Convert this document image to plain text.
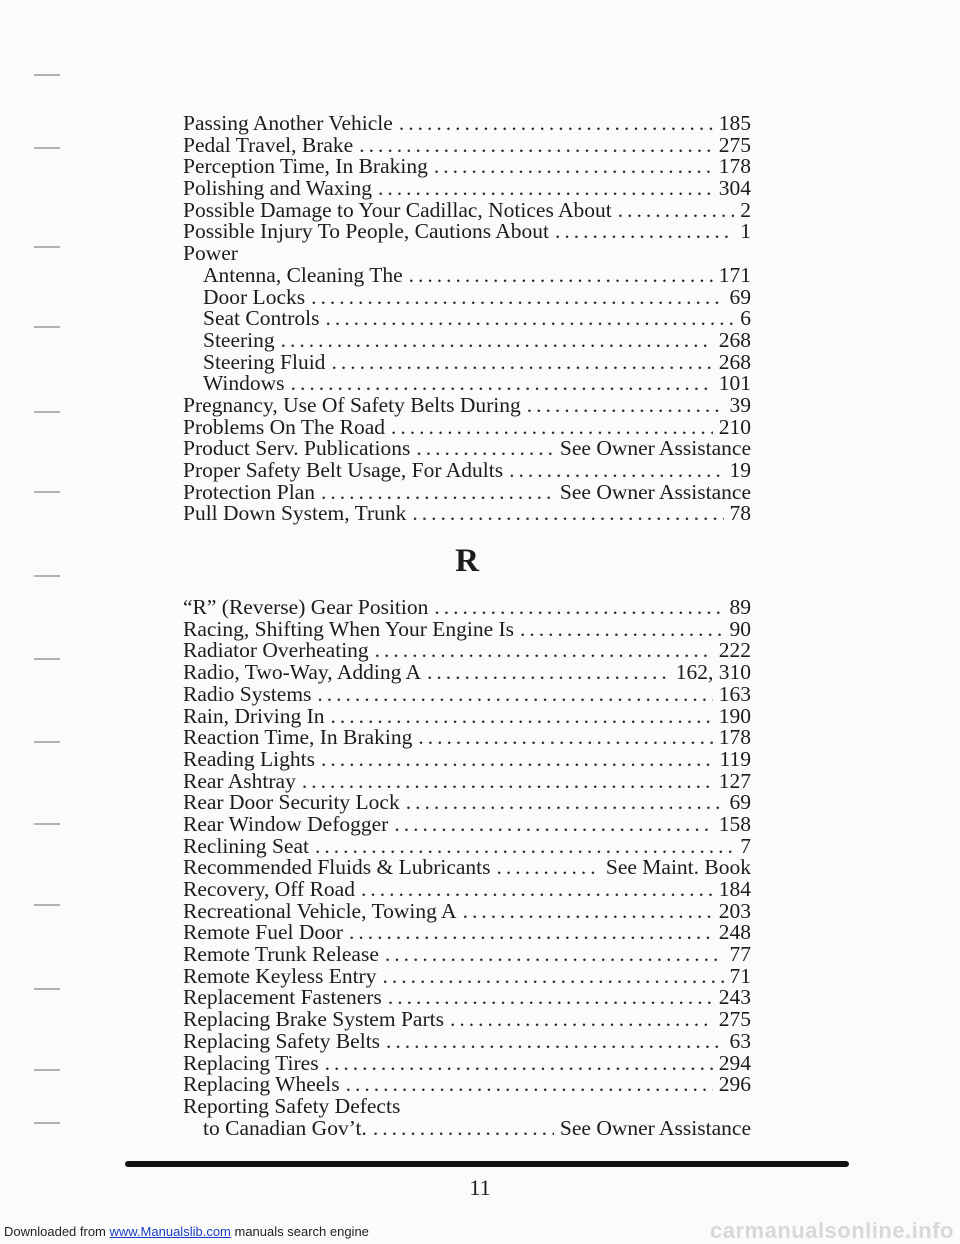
Passing Another Vehicle .....	185
Pedal Travel, Brake .....	275
Perception Time, In Braking .....	178
Polishing and Waxing .....	304
Possible Damage to Your Cadillac, Notices About .....	2
Possible Injury To People, Cautions About .....	1
Power
Antenna, Cleaning The .....	171
Door Locks .....	69
Seat Controls .....	6
Steering .....	268
Steering Fluid .....	268
Windows .....	101
Pregnancy, Use Of Safety Belts During .....	39
Problems On The Road .....	210
Product Serv. Publications .....	See Owner Assistance
Proper Safety Belt Usage, For Adults .....	19
Protection Plan .....	See Owner Assistance
Pull Down System, Trunk .....	78
R
“R” (Reverse) Gear Position .....	89
Racing, Shifting When Your Engine Is .....	90
Radiator Overheating .....	222
Radio, Two-Way, Adding A .....	162, 310
Radio Systems .....	163
Rain, Driving In .....	190
Reaction Time, In Braking .....	178
Reading Lights .....	119
Rear Ashtray .....	127
Rear Door Security Lock .....	69
Rear Window Defogger .....	158
Reclining Seat .....	7
Recommended Fluids & Lubricants .....	See Maint. Book
Recovery, Off Road .....	184
Recreational Vehicle, Towing A .....	203
Remote Fuel Door .....	248
Remote Trunk Release .....	77
Remote Keyless Entry .....	71
Replacement Fasteners .....	243
Replacing Brake System Parts .....	275
Replacing Safety Belts .....	63
Replacing Tires .....	294
Replacing Wheels .....	296
Reporting Safety Defects
to Canadian Gov’t. .....	See Owner Assistance
11
Downloaded from www.Manualslib.com manuals search engine	carmanualsonline.info
